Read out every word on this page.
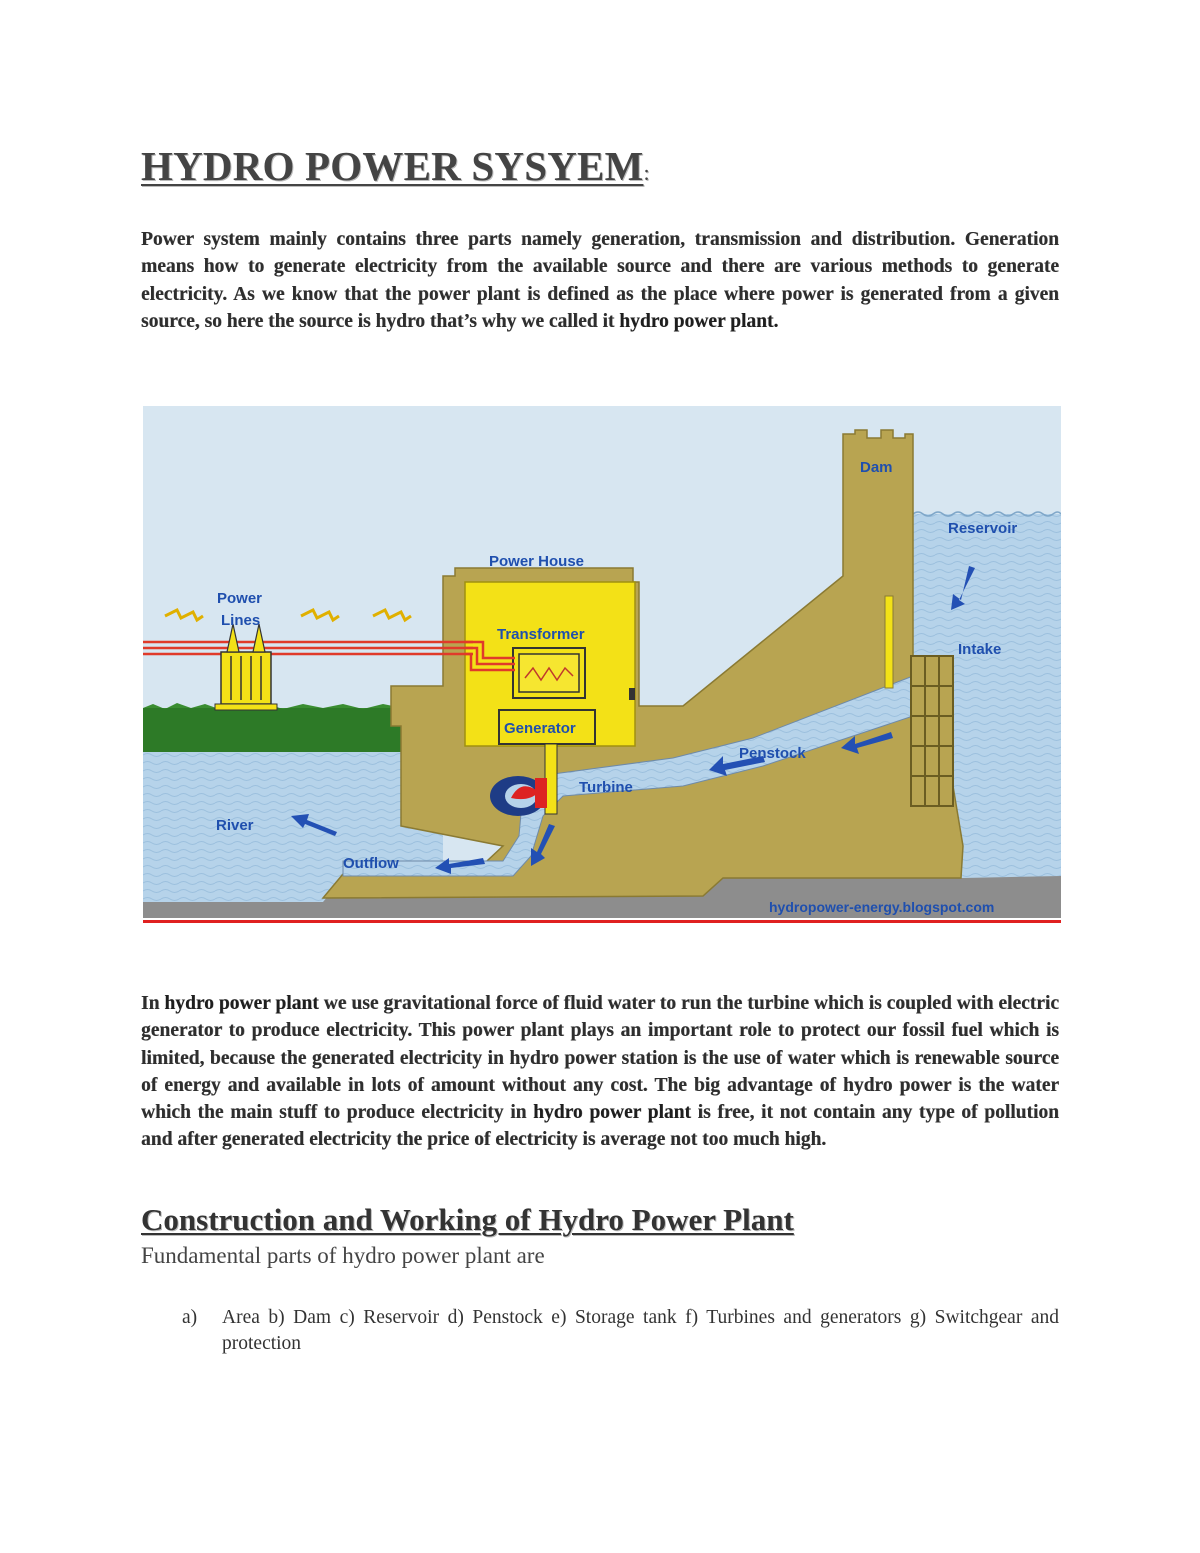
HYDRO POWER SYSYEM:

Power system mainly contains three parts namely generation, transmission and distribution. Generation means how to generate electricity from the available source and there are various methods to generate electricity. As we know that the power plant is defined as the place where power is generated from a given source, so here the source is hydro that’s why we called it hydro power plant.

Dam
Reservoir
Intake
Power House
Power
Lines
Transformer
Generator
Penstock
Turbine
River
Outflow
hydropower-energy.blogspot.com

In hydro power plant we use gravitational force of fluid water to run the turbine which is coupled with electric generator to produce electricity. This power plant plays an important role to protect our fossil fuel which is limited, because the generated electricity in hydro power station is the use of water which is renewable source of energy and available in lots of amount without any cost. The big advantage of hydro power is the water which the main stuff to produce electricity in hydro power plant is free, it not contain any type of pollution and after generated electricity the price of electricity is average not too much high.

Construction and Working of Hydro Power Plant

Fundamental parts of hydro power plant are

a) Area b) Dam c) Reservoir d) Penstock e) Storage tank f) Turbines and generators g) Switchgear and protection
